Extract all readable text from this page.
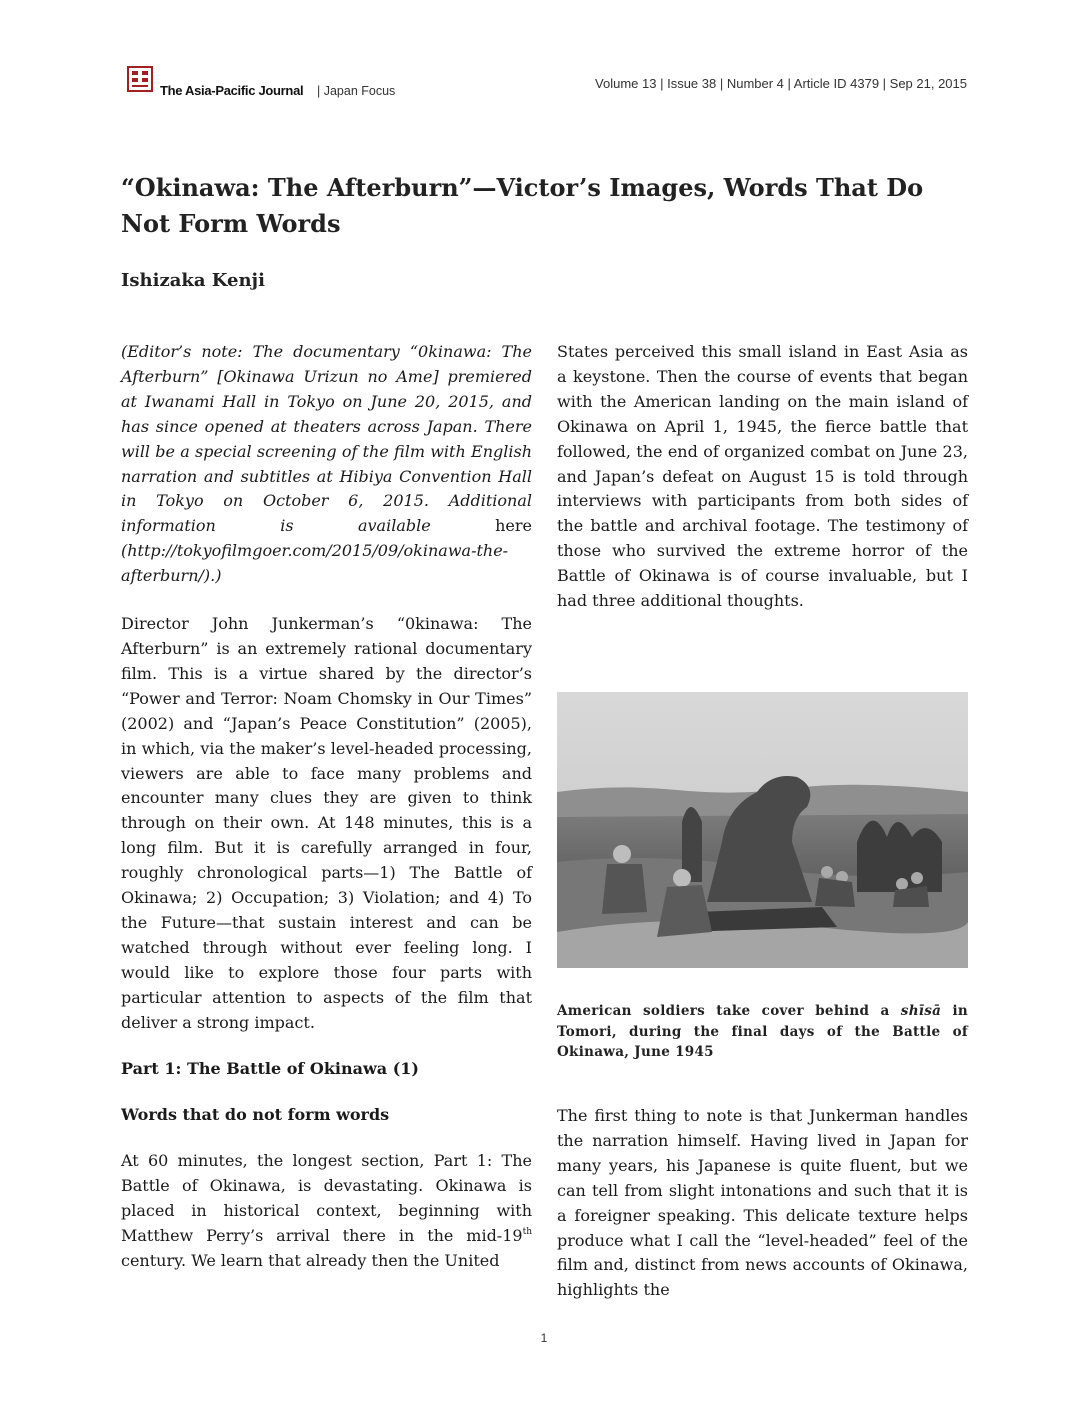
The Asia-Pacific Journal | Japan Focus	Volume 13 | Issue 38 | Number 4 | Article ID 4379 | Sep 21, 2015
“Okinawa: The Afterburn”—Victor’s Images, Words That Do Not Form Words
Ishizaka Kenji

(Editor’s note: The documentary “0kinawa: The Afterburn” [Okinawa Urizun no Ame] premiered at Iwanami Hall in Tokyo on June 20, 2015, and has since opened at theaters across Japan. There will be a special screening of the film with English narration and subtitles at Hibiya Convention Hall in Tokyo on October 6, 2015. Additional information is available here (http://tokyofilmgoer.com/2015/09/okinawa-the-afterburn/).)

Director John Junkerman’s “0kinawa: The Afterburn” is an extremely rational documentary film. This is a virtue shared by the director’s “Power and Terror: Noam Chomsky in Our Times” (2002) and “Japan’s Peace Constitution” (2005), in which, via the maker’s level-headed processing, viewers are able to face many problems and encounter many clues they are given to think through on their own. At 148 minutes, this is a long film. But it is carefully arranged in four, roughly chronological parts—1) The Battle of Okinawa; 2) Occupation; 3) Violation; and 4) To the Future—that sustain interest and can be watched through without ever feeling long. I would like to explore those four parts with particular attention to aspects of the film that deliver a strong impact.

Part 1: The Battle of Okinawa (1)
Words that do not form words

At 60 minutes, the longest section, Part 1: The Battle of Okinawa, is devastating. Okinawa is placed in historical context, beginning with Matthew Perry’s arrival there in the mid-19th century. We learn that already then the United

States perceived this small island in East Asia as a keystone. Then the course of events that began with the American landing on the main island of Okinawa on April 1, 1945, the fierce battle that followed, the end of organized combat on June 23, and Japan’s defeat on August 15 is told through interviews with participants from both sides of the battle and archival footage. The testimony of those who survived the extreme horror of the Battle of Okinawa is of course invaluable, but I had three additional thoughts.

American soldiers take cover behind a shīsā in Tomori, during the final days of the Battle of Okinawa, June 1945

The first thing to note is that Junkerman handles the narration himself. Having lived in Japan for many years, his Japanese is quite fluent, but we can tell from slight intonations and such that it is a foreigner speaking. This delicate texture helps produce what I call the “level-headed” feel of the film and, distinct from news accounts of Okinawa, highlights the

1
